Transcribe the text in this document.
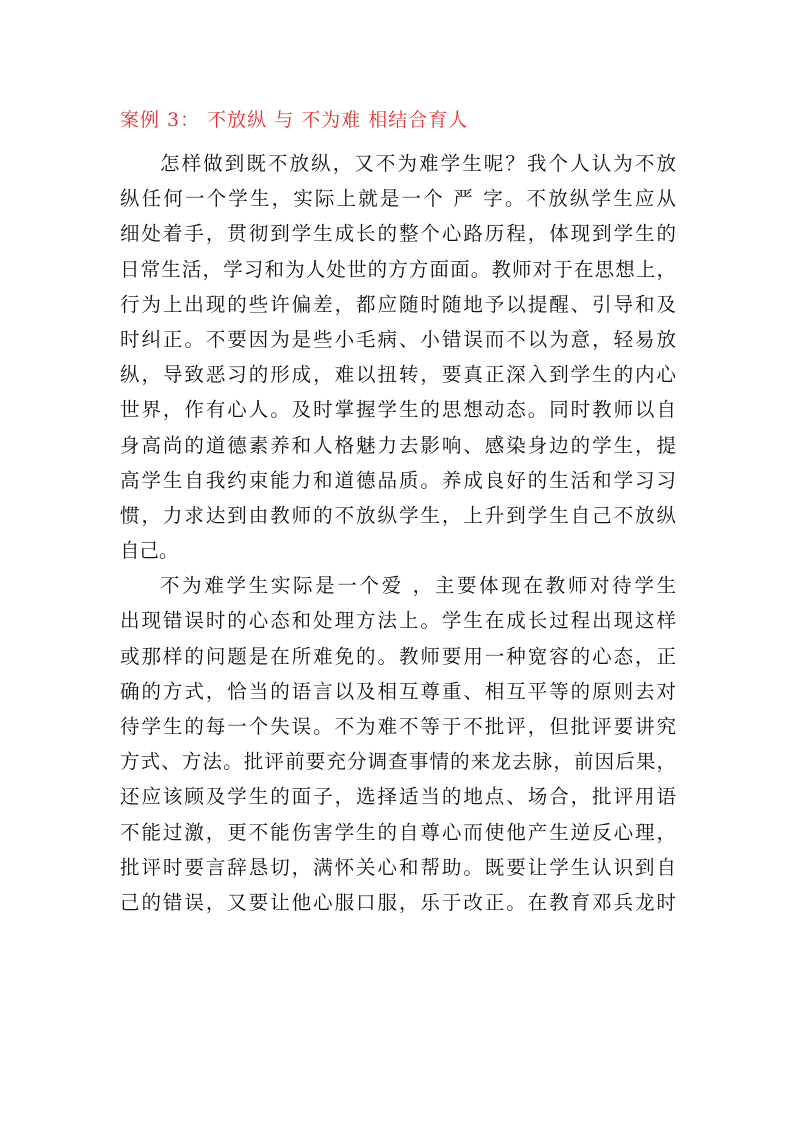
案例 3： 不放纵 与 不为难 相结合育人
怎样做到既不放纵，又不为难学生呢？我个人认为不放
纵任何一个学生，实际上就是一个 严 字。不放纵学生应从
细处着手，贯彻到学生成长的整个心路历程，体现到学生的
日常生活，学习和为人处世的方方面面。教师对于在思想上，
行为上出现的些许偏差，都应随时随地予以提醒、引导和及
时纠正。不要因为是些小毛病、小错误而不以为意，轻易放
纵，导致恶习的形成，难以扭转，要真正深入到学生的内心
世界，作有心人。及时掌握学生的思想动态。同时教师以自
身高尚的道德素养和人格魅力去影响、感染身边的学生，提
高学生自我约束能力和道德品质。养成良好的生活和学习习
惯，力求达到由教师的不放纵学生，上升到学生自己不放纵
自己。
不为难学生实际是一个爱 ，主要体现在教师对待学生
出现错误时的心态和处理方法上。学生在成长过程出现这样
或那样的问题是在所难免的。教师要用一种宽容的心态，正
确的方式，恰当的语言以及相互尊重、相互平等的原则去对
待学生的每一个失误。不为难不等于不批评，但批评要讲究
方式、方法。批评前要充分调查事情的来龙去脉，前因后果，
还应该顾及学生的面子，选择适当的地点、场合，批评用语
不能过激，更不能伤害学生的自尊心而使他产生逆反心理，
批评时要言辞恳切，满怀关心和帮助。既要让学生认识到自
己的错误，又要让他心服口服，乐于改正。在教育邓兵龙时
